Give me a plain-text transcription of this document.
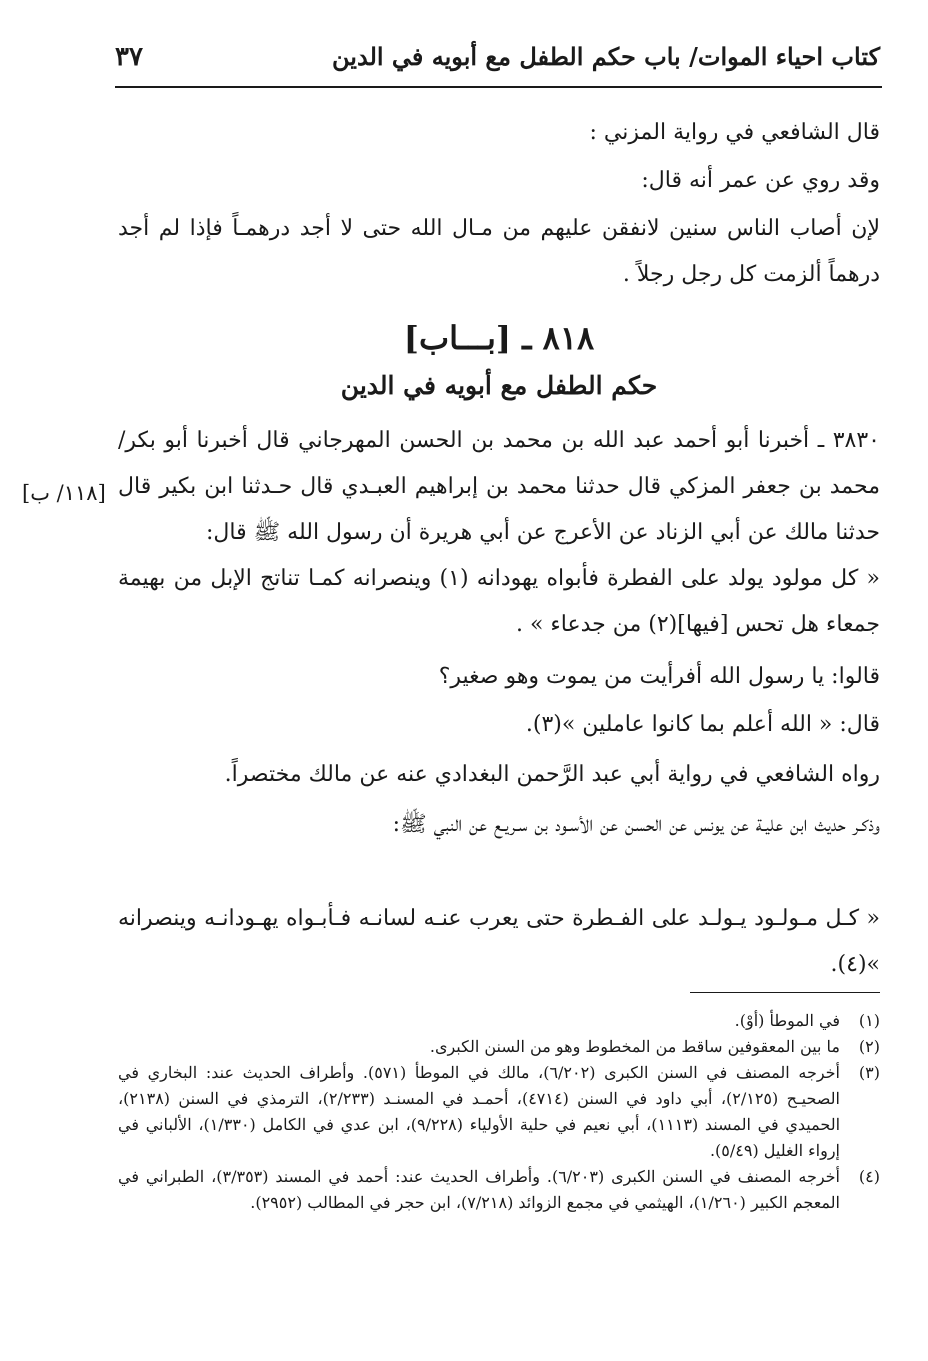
كتاب احياء الموات/ باب حكم الطفل مع أبويه في الدين
٣٧
قال الشافعي في رواية المزني :
وقد روي عن عمر أنه قال:
لإن أصاب الناس سنين لانفقن عليهم من مـال الله حتى لا أجد درهمـاً فإذا لم أجد درهماً ألزمت كل رجل رجلاً .
٨١٨ ـ [بـــاب]
حكم الطفل مع أبويه في الدين
٣٨٣٠ ـ أخبرنا أبو أحمد عبد الله بن محمد بن الحسن المهرجاني قال أخبرنا أبو بكر/ محمد بن جعفر المزكي قال حدثنا محمد بن إبراهيم العبـدي قال حـدثنا ابن بكير قال حدثنا مالك عن أبي الزناد عن الأعرج عن أبي هريرة أن رسول الله ﷺ قال:
[١١٨/ ب]
« كل مولود يولد على الفطرة فأبواه يهودانه (١) وينصرانه كمـا تناتج الإبل من بهيمة جمعاء هل تحس [فيها](٢) من جدعاء » .
قالوا: يا رسول الله أفرأيت من يموت وهو صغير؟
قال: « الله أعلم بما كانوا عاملين »(٣).
رواه الشافعي في رواية أبي عبد الرَّحمن البغدادي عنه عن مالك مختصراً.
وذكـر حديث ابن عليـة عن يونس عن الحسن عن الأسـود بن سـريـع عن النبي ﷺ:
« كـل مـولـود يـولـد على الفـطرة حتى يعرب عنـه لسانـه فـأبـواه يهـودانـه وينصرانه »(٤).
(١)
في الموطأ (أوْ).
(٢)
ما بين المعقوفين ساقط من المخطوط وهو من السنن الكبرى.
(٣)
أخرجه المصنف في السنن الكبرى (٦/٢٠٢)، مالك في الموطأ (٥٧١). وأطراف الحديث عند: البخاري في الصحيـح (٢/١٢٥)، أبي داود في السنن (٤٧١٤)، أحمـد في المسنـد (٢/٢٣٣)، الترمذي في السنن (٢١٣٨)، الحميدي في المسند (١١١٣)، أبي نعيم في حلية الأولياء (٩/٢٢٨)، ابن عدي في الكامل (١/٣٣٠)، الألباني في إرواء الغليل (٥/٤٩).
(٤)
أخرجه المصنف في السنن الكبرى (٦/٢٠٣). وأطراف الحديث عند: أحمد في المسند (٣/٣٥٣)، الطبراني في المعجم الكبير (١/٢٦٠)، الهيثمي في مجمع الزوائد (٧/٢١٨)، ابن حجر في المطالب (٢٩٥٢).
